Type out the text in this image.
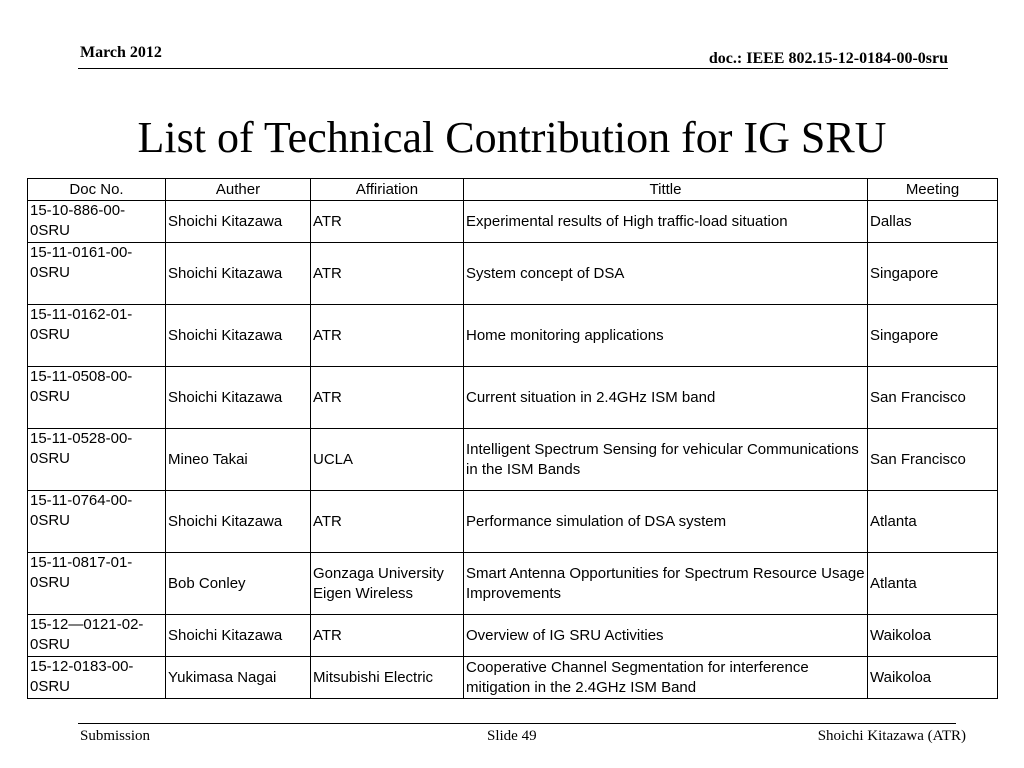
March 2012	doc.: IEEE 802.15-12-0184-00-0sru
List of Technical Contribution for IG SRU
Doc No.	Auther	Affiriation	Tittle	Meeting
15-10-886-00-0SRU	Shoichi Kitazawa	ATR	Experimental results of High traffic-load situation	Dallas
15-11-0161-00-0SRU	Shoichi Kitazawa	ATR	System concept of DSA	Singapore
15-11-0162-01-0SRU	Shoichi Kitazawa	ATR	Home monitoring applications	Singapore
15-11-0508-00-0SRU	Shoichi Kitazawa	ATR	Current situation in 2.4GHz ISM band	San Francisco
15-11-0528-00-0SRU	Mineo Takai	UCLA	Intelligent Spectrum Sensing for vehicular Communications in the ISM Bands	San Francisco
15-11-0764-00-0SRU	Shoichi Kitazawa	ATR	Performance simulation of DSA system	Atlanta
15-11-0817-01-0SRU	Bob Conley	Gonzaga University Eigen Wireless	Smart Antenna Opportunities for Spectrum Resource Usage Improvements	Atlanta
15-12—0121-02-0SRU	Shoichi Kitazawa	ATR	Overview of IG SRU Activities	Waikoloa
15-12-0183-00-0SRU	Yukimasa Nagai	Mitsubishi Electric	Cooperative Channel Segmentation for interference mitigation in the 2.4GHz ISM Band	Waikoloa
Submission	Slide 49	Shoichi Kitazawa (ATR)
